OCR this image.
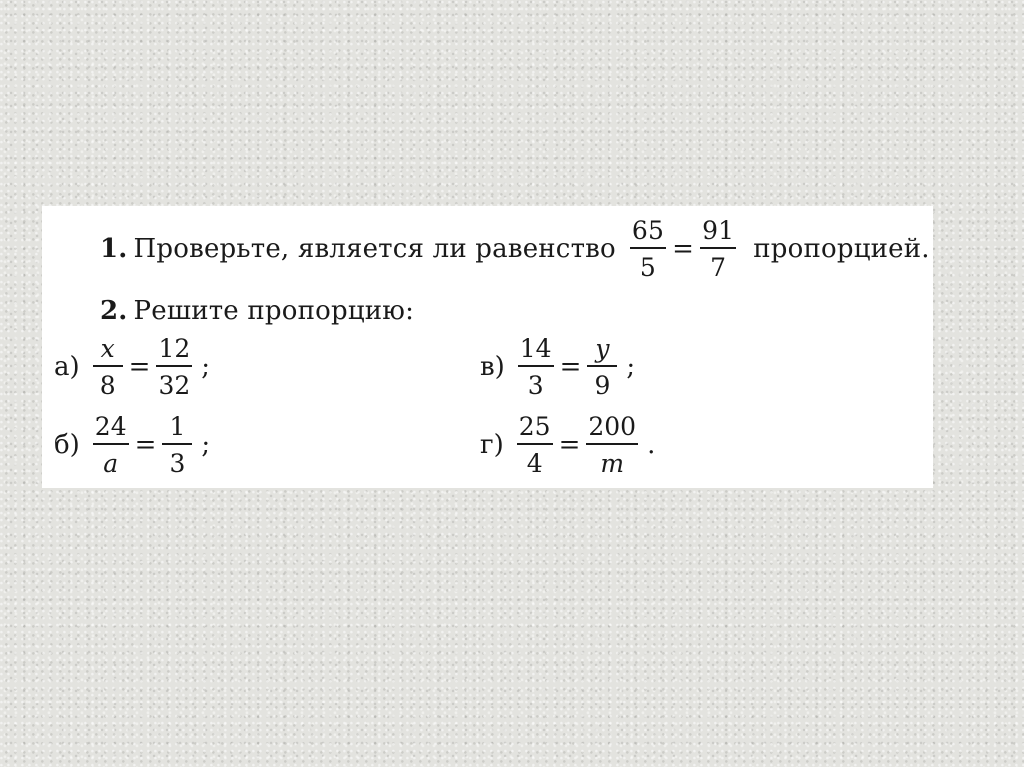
1. Проверьте, является ли равенство $\frac{65}{5} = \frac{91}{7}$ пропорцией.
2. Решите пропорцию:
$а) \frac{x}{8} = \frac{12}{32}$ ;
$б) \frac{24}{a} = \frac{1}{3}$ ;
$в) \frac{14}{3} = \frac{y}{9}$ ;
$г) \frac{25}{4} = \frac{200}{m}$ .
